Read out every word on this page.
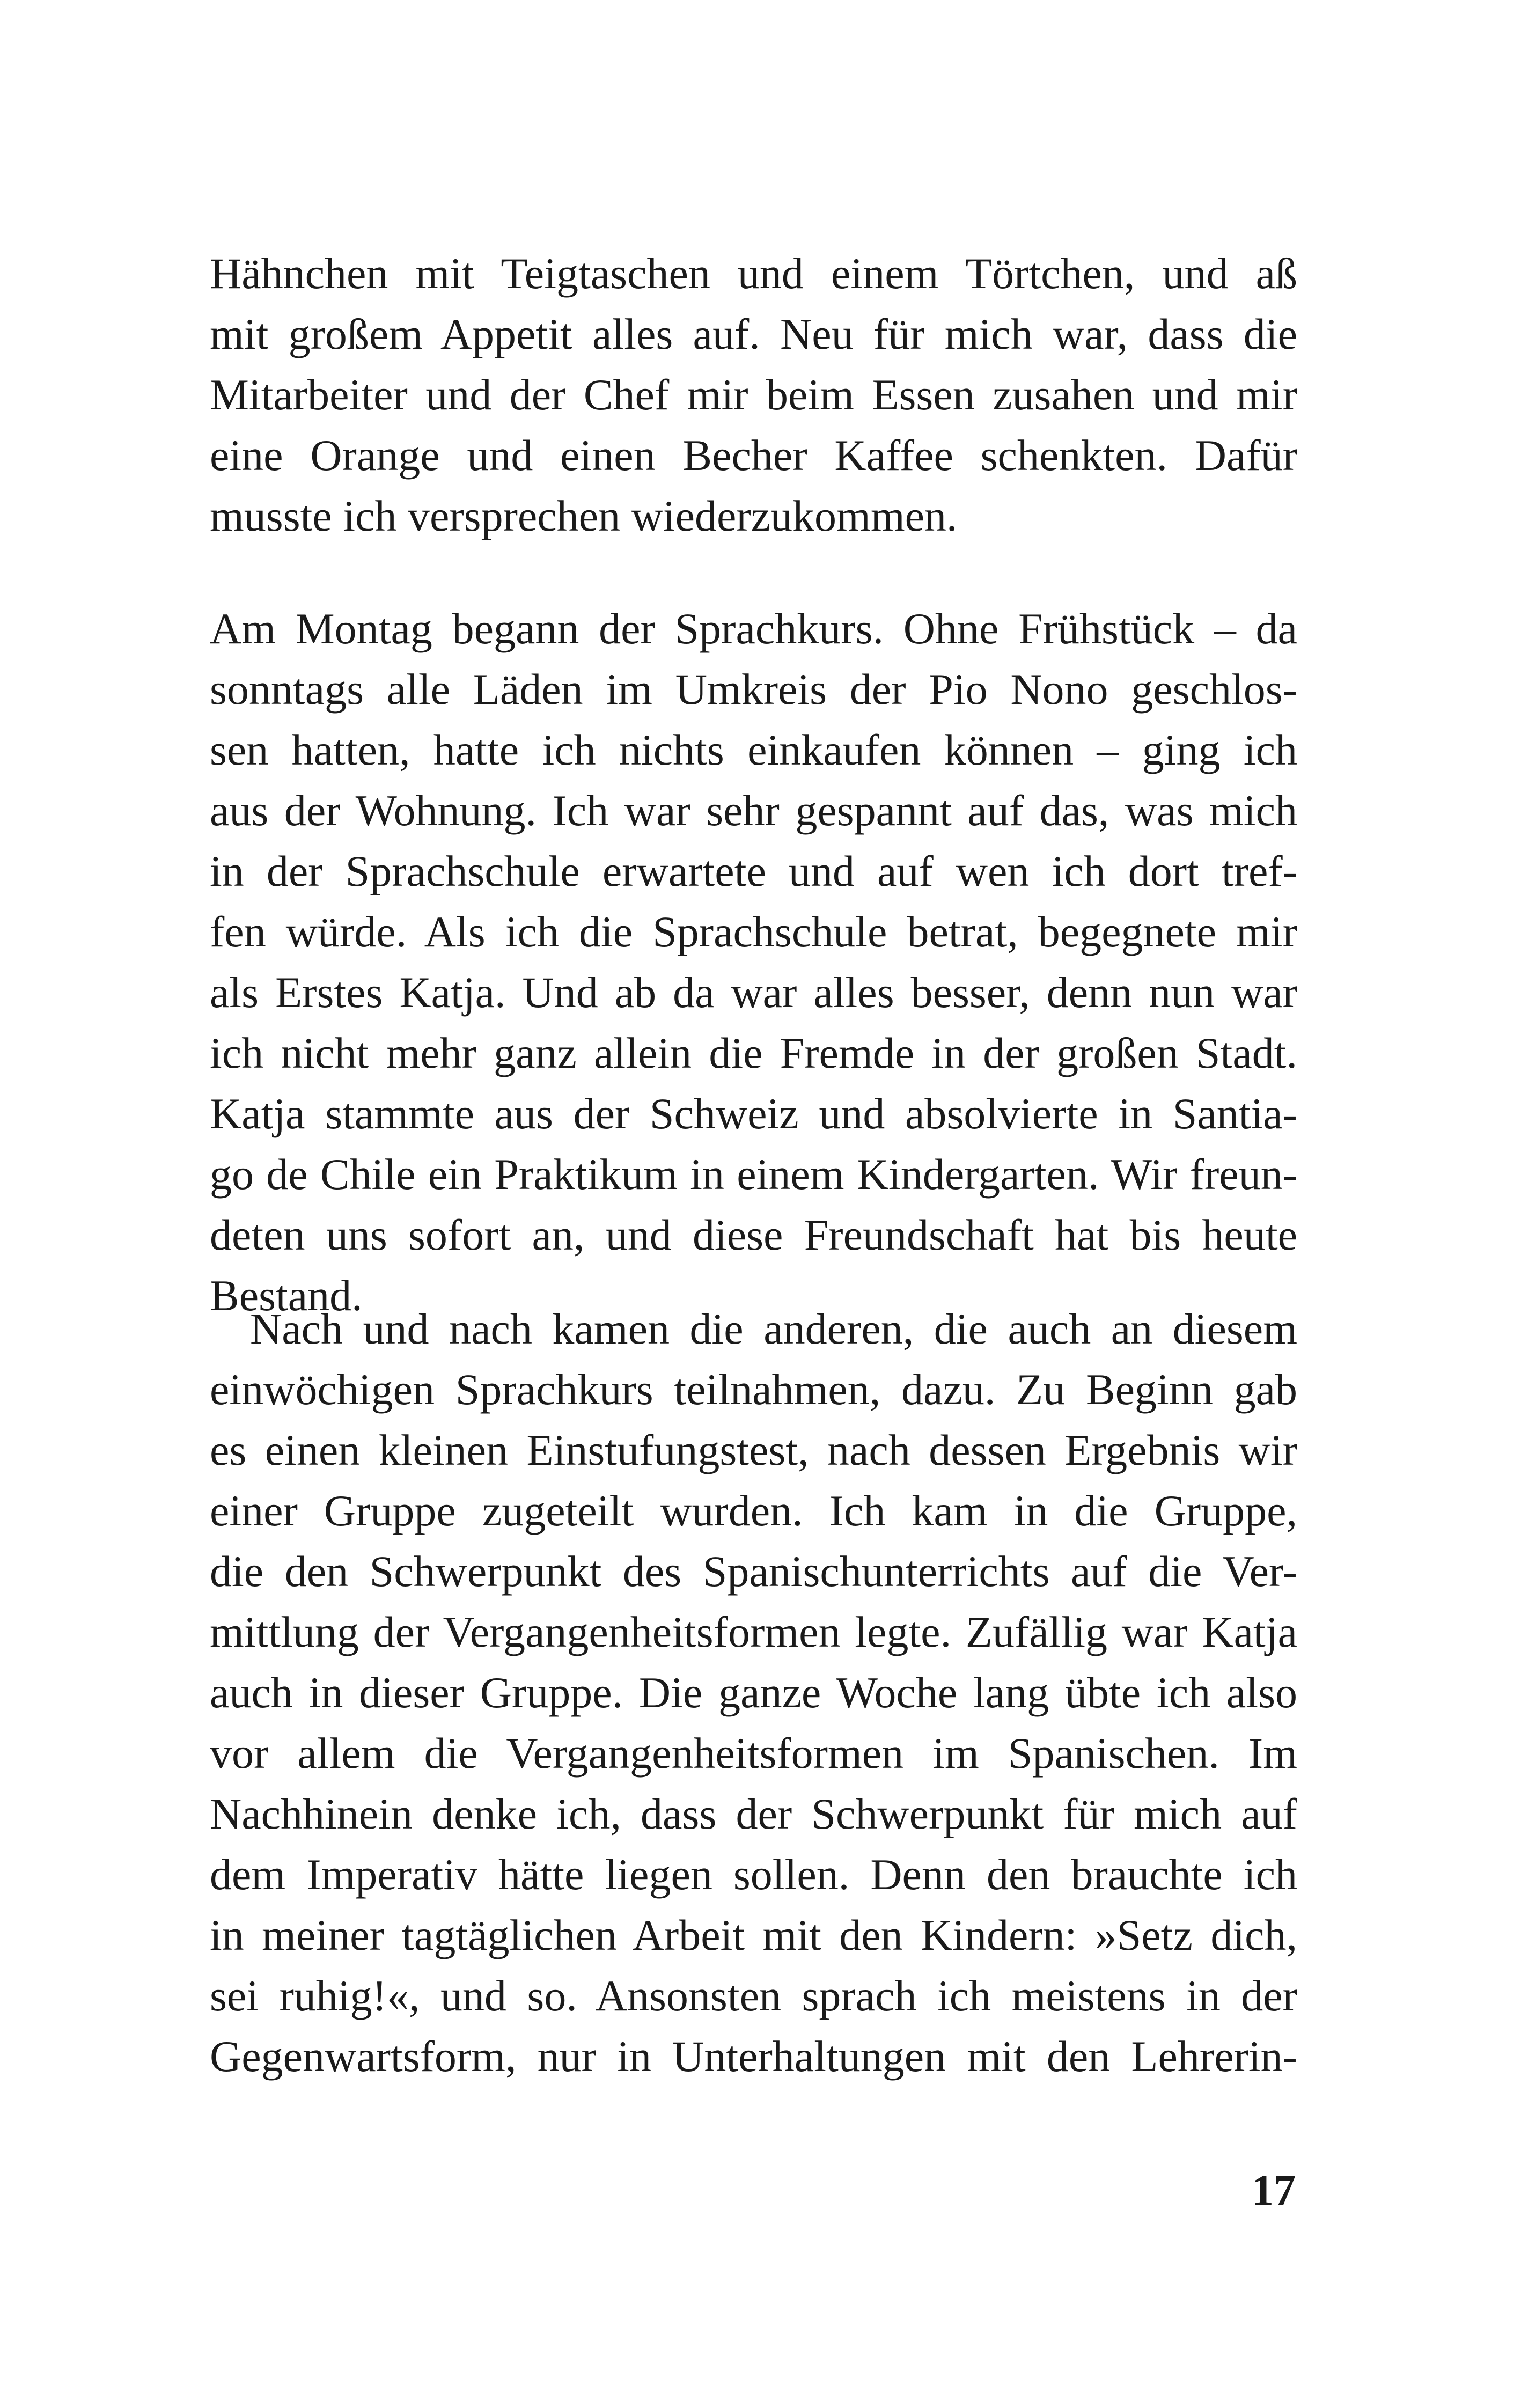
Hähnchen mit Teigtaschen und einem Törtchen, und aß
mit großem Appetit alles auf. Neu für mich war, dass die
Mitarbeiter und der Chef mir beim Essen zusahen und mir
eine Orange und einen Becher Kaffee schenkten. Dafür
musste ich versprechen wiederzukommen.
Am Montag begann der Sprachkurs. Ohne Frühstück – da
sonntags alle Läden im Umkreis der Pio Nono geschlos-
sen hatten, hatte ich nichts einkaufen können – ging ich
aus der Wohnung. Ich war sehr gespannt auf das, was mich
in der Sprachschule erwartete und auf wen ich dort tref-
fen würde. Als ich die Sprachschule betrat, begegnete mir
als Erstes Katja. Und ab da war alles besser, denn nun war
ich nicht mehr ganz allein die Fremde in der großen Stadt.
Katja stammte aus der Schweiz und absolvierte in Santia-
go de Chile ein Praktikum in einem Kindergarten. Wir freun-
deten uns sofort an, und diese Freundschaft hat bis heute
Bestand.
Nach und nach kamen die anderen, die auch an diesem
einwöchigen Sprachkurs teilnahmen, dazu. Zu Beginn gab
es einen kleinen Einstufungstest, nach dessen Ergebnis wir
einer Gruppe zugeteilt wurden. Ich kam in die Gruppe,
die den Schwerpunkt des Spanischunterrichts auf die Ver-
mittlung der Vergangenheitsformen legte. Zufällig war Katja
auch in dieser Gruppe. Die ganze Woche lang übte ich also
vor allem die Vergangenheitsformen im Spanischen. Im
Nachhinein denke ich, dass der Schwerpunkt für mich auf
dem Imperativ hätte liegen sollen. Denn den brauchte ich
in meiner tagtäglichen Arbeit mit den Kindern: »Setz dich,
sei ruhig!«, und so. Ansonsten sprach ich meistens in der
Gegenwartsform, nur in Unterhaltungen mit den Lehrerin-
17
